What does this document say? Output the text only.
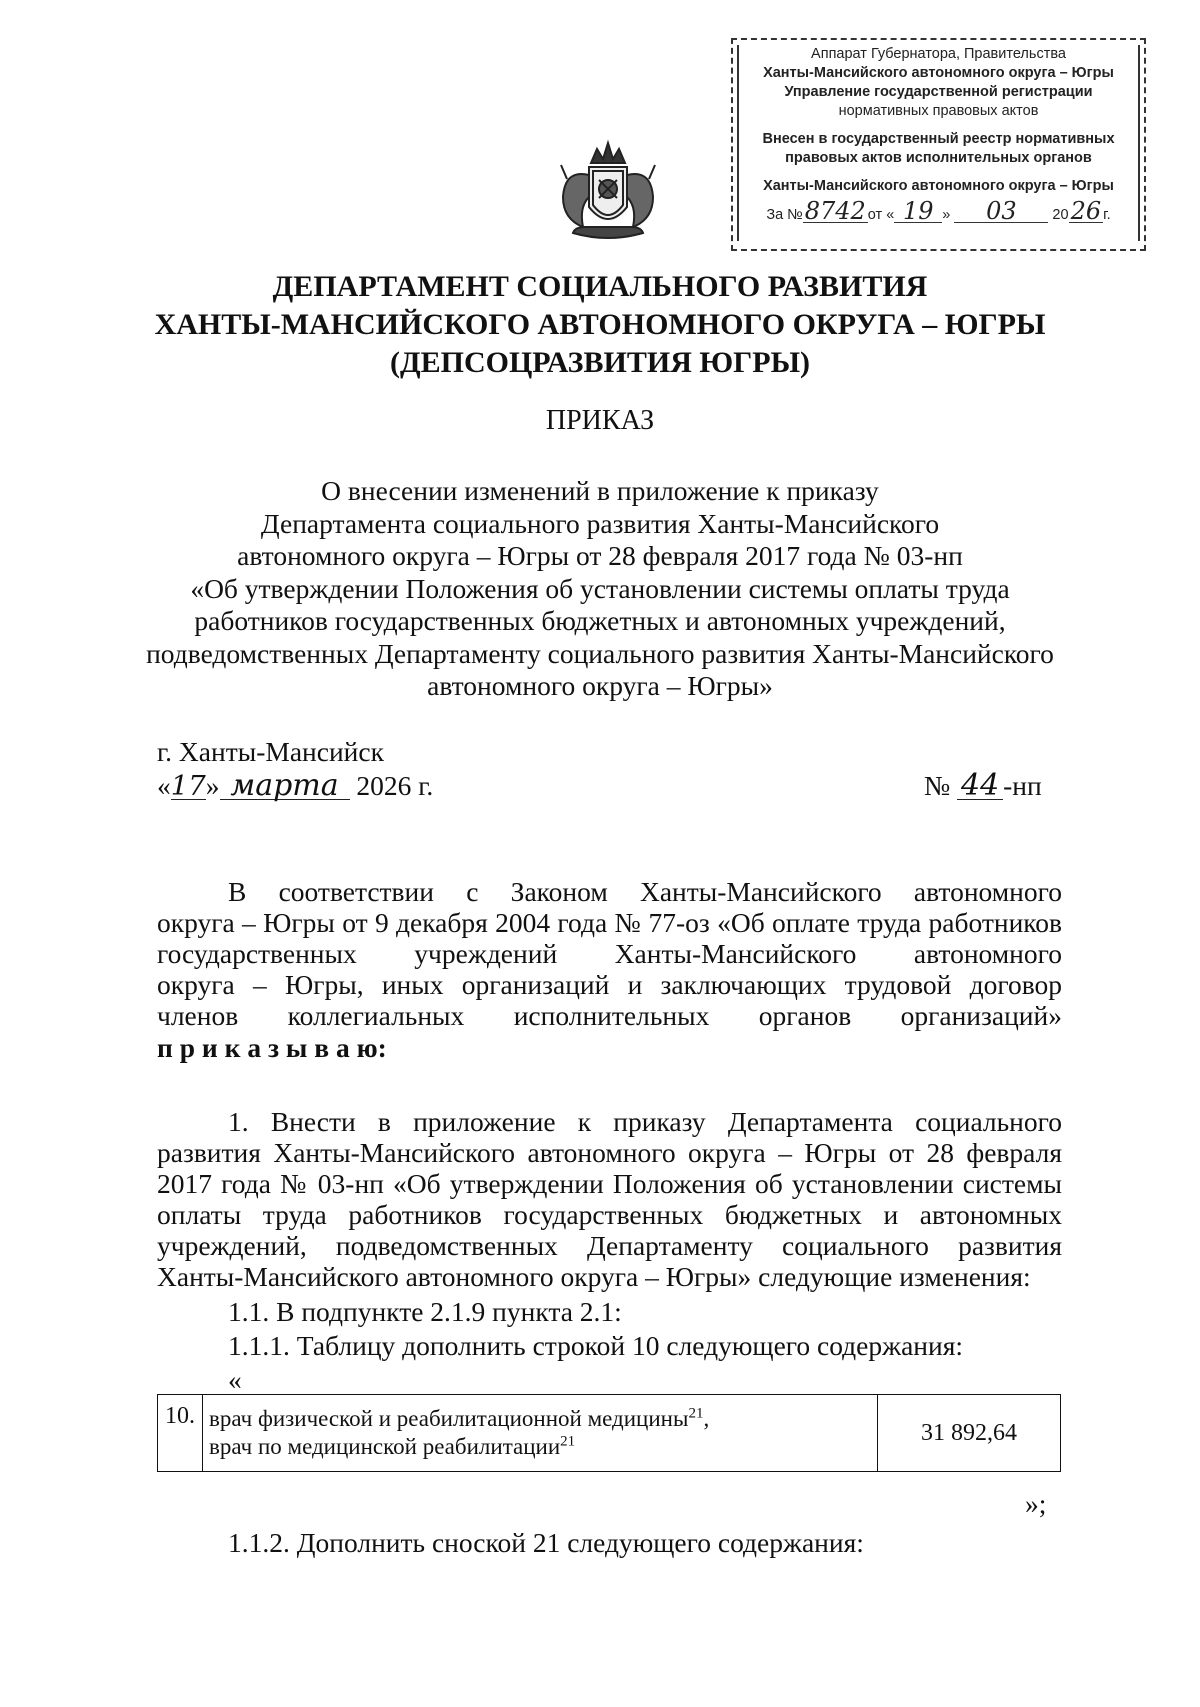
Аппарат Губернатора, Правительства
Ханты-Мансийского автономного округа – Югры
Управление государственной регистрации
нормативных правовых актов
Внесен в государственный реестр нормативных
правовых актов исполнительных органов
Ханты-Мансийского автономного округа – Югры
За №8742 от « 19 » 03 2026 г.
ДЕПАРТАМЕНТ СОЦИАЛЬНОГО РАЗВИТИЯ
ХАНТЫ-МАНСИЙСКОГО АВТОНОМНОГО ОКРУГА – ЮГРЫ
(ДЕПСОЦРАЗВИТИЯ ЮГРЫ)
ПРИКАЗ
О внесении изменений в приложение к приказу
Департамента социального развития Ханты-Мансийского
автономного округа – Югры от 28 февраля 2017 года № 03-нп
«Об утверждении Положения об установлении системы оплаты труда
работников государственных бюджетных и автономных учреждений,
подведомственных Департаменту социального развития Ханты-Мансийского
автономного округа – Югры»
г. Ханты-Мансийск
«17» марта 2026 г.	№ 44 -нп
В соответствии с Законом Ханты-Мансийского автономного
округа – Югры от 9 декабря 2004 года № 77-оз «Об оплате труда работников
государственных учреждений Ханты-Мансийского автономного
округа – Югры, иных организаций и заключающих трудовой договор
членов коллегиальных исполнительных органов организаций»
п р и к а з ы в а ю:
1. Внести в приложение к приказу Департамента социального
развития Ханты-Мансийского автономного округа – Югры от 28 февраля
2017 года № 03-нп «Об утверждении Положения об установлении системы
оплаты труда работников государственных бюджетных и автономных
учреждений, подведомственных Департаменту социального развития
Ханты-Мансийского автономного округа – Югры» следующие изменения:
1.1. В подпункте 2.1.9 пункта 2.1:
1.1.1. Таблицу дополнить строкой 10 следующего содержания:
«
10.	врач физической и реабилитационной медицины$^{21}$,
врач по медицинской реабилитации$^{21}$	31 892,64
»;
1.1.2. Дополнить сноской 21 следующего содержания:
